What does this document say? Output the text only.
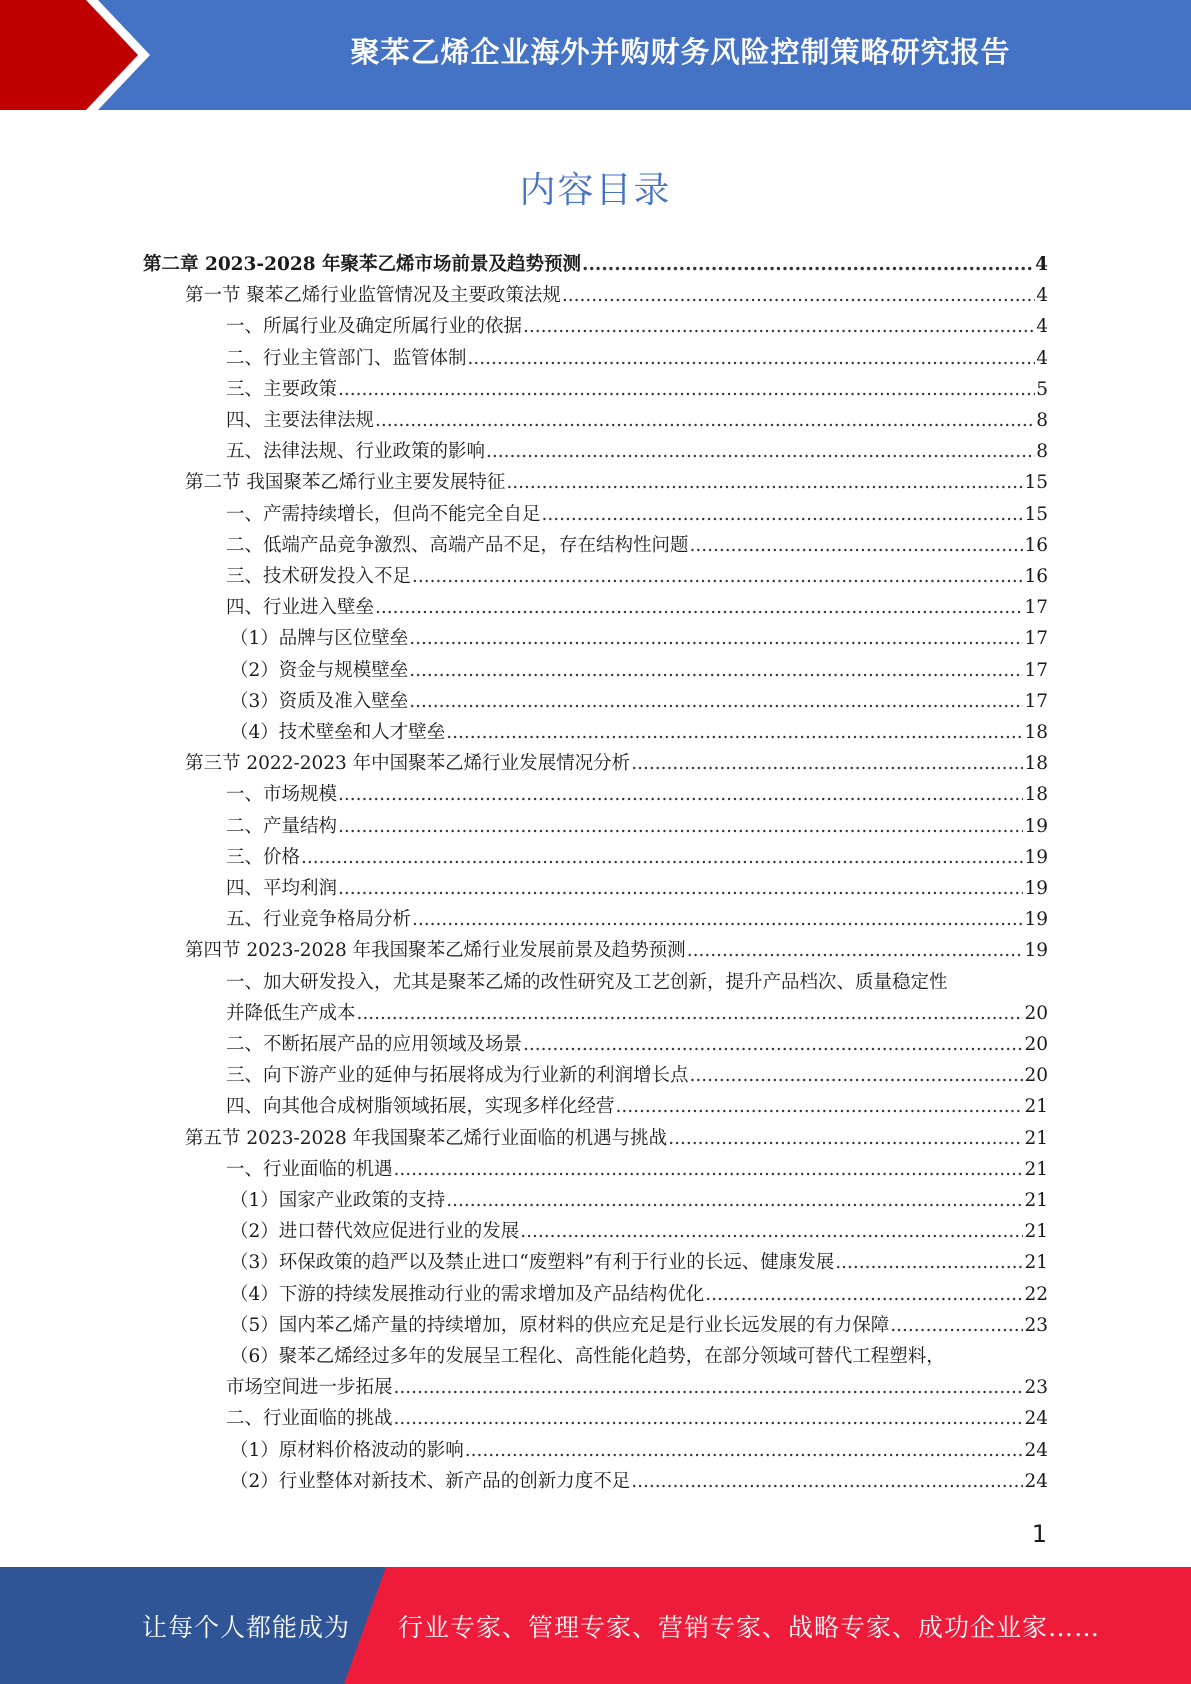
聚苯乙烯企业海外并购财务风险控制策略研究报告
内容目录
第二章 2023-2028 年聚苯乙烯市场前景及趋势预测 .....	4
第一节 聚苯乙烯行业监管情况及主要政策法规 .....	4
一、所属行业及确定所属行业的依据 .....	4
二、行业主管部门、监管体制 .....	4
三、主要政策 .....	5
四、主要法律法规 .....	8
五、法律法规、行业政策的影响 .....	8
第二节 我国聚苯乙烯行业主要发展特征 .....	15
一、产需持续增长，但尚不能完全自足 .....	15
二、低端产品竞争激烈、高端产品不足，存在结构性问题 .....	16
三、技术研发投入不足 .....	16
四、行业进入壁垒 .....	17
（1）品牌与区位壁垒 .....	17
（2）资金与规模壁垒 .....	17
（3）资质及准入壁垒 .....	17
（4）技术壁垒和人才壁垒 .....	18
第三节 2022-2023 年中国聚苯乙烯行业发展情况分析 .....	18
一、市场规模 .....	18
二、产量结构 .....	19
三、价格 .....	19
四、平均利润 .....	19
五、行业竞争格局分析 .....	19
第四节 2023-2028 年我国聚苯乙烯行业发展前景及趋势预测 .....	19
一、加大研发投入，尤其是聚苯乙烯的改性研究及工艺创新，提升产品档次、质量稳定性
并降低生产成本 .....	20
二、不断拓展产品的应用领域及场景 .....	20
三、向下游产业的延伸与拓展将成为行业新的利润增长点 .....	20
四、向其他合成树脂领域拓展，实现多样化经营 .....	21
第五节 2023-2028 年我国聚苯乙烯行业面临的机遇与挑战 .....	21
一、行业面临的机遇 .....	21
（1）国家产业政策的支持 .....	21
（2）进口替代效应促进行业的发展 .....	21
（3）环保政策的趋严以及禁止进口“废塑料”有利于行业的长远、健康发展 .....	21
（4）下游的持续发展推动行业的需求增加及产品结构优化 .....	22
（5）国内苯乙烯产量的持续增加，原材料的供应充足是行业长远发展的有力保障 .....	23
（6）聚苯乙烯经过多年的发展呈工程化、高性能化趋势，在部分领域可替代工程塑料，
市场空间进一步拓展 .....	23
二、行业面临的挑战 .....	24
（1）原材料价格波动的影响 .....	24
（2）行业整体对新技术、新产品的创新力度不足 .....	24
1
让每个人都能成为 行业专家、管理专家、营销专家、战略专家、成功企业家……
